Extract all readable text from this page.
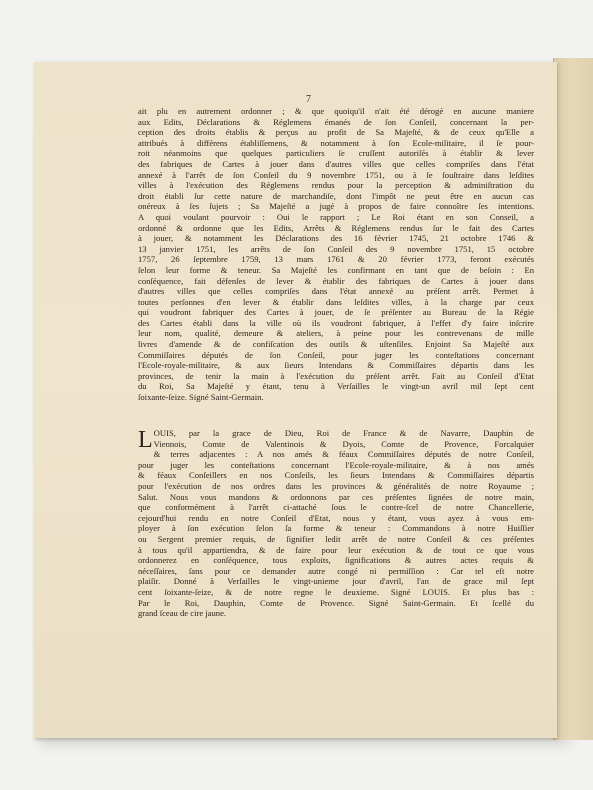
7
ait plu en autrement ordonner ; & que quoiqu'il n'ait été dérogé en aucune maniere
aux Edits, Déclarations & Réglemens émanés de ſon Conſeil, concernant la per-
ception des droits établis & perçus au profit de Sa Majeſté, & de ceux qu'Elle a
attribués à différens établiſſemens, & notamment à ſon Ecole-militaire, il ſe pour-
roit néanmoins que quelques particuliers ſe cruſſent autoriſés à établir & lever
des fabriques de Cartes à jouer dans d'autres villes que celles compriſes dans l'état
annexé à l'arrêt de ſon Conſeil du 9 novembre 1751, ou à ſe ſouſtraire dans leſdites
villes à l'exécution des Réglemens rendus pour la perception & adminiſtration du
droit établi ſur cette nature de marchandiſe, dont l'impôt ne peut être en aucun cas
onéreux à ſes ſujets ; Sa Majeſté a jugé à propos de faire connoître ſes intentions.
A quoi voulant pourvoir : Oui le rapport ; Le Roi étant en son Conseil, a
ordonné & ordonne que les Edits, Arrêts & Réglemens rendus ſur le fait des Cartes
à jouer, & notamment les Déclarations des 16 février 1745, 21 octobre 1746 &
13 janvier 1751, les arrêts de ſon Conſeil des 9 novembre 1751, 15 octobre
1757, 26 ſeptembre 1759, 13 mars 1761 & 20 février 1773, feront exécutés
ſelon leur forme & teneur. Sa Majeſté les confirmant en tant que de beſoin : En
conſéquence, fait défenſes de lever & établir des fabriques de Cartes à jouer dans
d'autres villes que celles compriſes dans l'état annexé au préſent arrêt. Permet à
toutes perſonnes d'en lever & établir dans leſdites villes, à la charge par ceux
qui voudront fabriquer des Cartes à jouer, de ſe préſenter au Bureau de la Régie
des Cartes établi dans la ville où ils voudront fabriquer, à l'effet d'y faire inſcrire
leur nom, qualité, demeure & ateliers, à peine pour les contrevenans de mille
livres d'amende & de confiſcation des outils & uſtenſiles. Enjoint Sa Majeſté aux
Commiſſaires députés de ſon Conſeil, pour juger les conteſtations concernant
l'Ecole-royale-militaire, & aux ſieurs Intendans & Commiſſaires départis dans les
provinces, de tenir la main à l'exécution du préſent arrêt. Fait au Conſeil d'Etat
du Roi, Sa Majeſté y étant, tenu à Verſailles le vingt-un avril mil ſept cent
ſoixante-ſeize. Signé Saint-Germain.
L OUIS, par la grace de Dieu, Roi de France & de Navarre, Dauphin de
Viennois, Comte de Valentinois & Dyois, Comte de Provence, Forcalquier
& terres adjacentes : A nos amés & féaux Commiſſaires députés de notre Conſeil,
pour juger les conteſtations concernant l'Ecole-royale-militaire, & à nos amés
& féaux Conſeillers en nos Conſeils, les ſieurs Intendans & Commiſſaires départis
pour l'exécution de nos ordres dans les provinces & généralités de notre Royaume ;
Salut. Nous vous mandons & ordonnons par ces préſentes ſignées de notre main,
que conformément à l'arrêt ci-attaché ſous le contre-ſcel de notre Chancellerie,
cejourd'hui rendu en notre Conſeil d'Etat, nous y étant, vous ayez à vous em-
ployer à ſon exécution ſelon ſa forme & teneur : Commandons à notre Huiſſier
ou Sergent premier requis, de ſignifier ledit arrêt de notre Conſeil & ces préſentes
à tous qu'il appartiendra, & de faire pour leur exécution & de tout ce que vous
ordonnerez en conſéquence, tous exploits, ſignifications & autres actes requis &
néceſſaires, ſans pour ce demander autre congé ni permiſſion : Car tel eſt notre
plaiſir. Donné à Verſailles le vingt-unieme jour d'avril, l'an de grace mil ſept
cent ſoixante-ſeize, & de notre regne le deuxieme. Signé LOUIS. Et plus bas :
Par le Roi, Dauphin, Comte de Provence. Signé Saint-Germain. Et ſcellé du
grand ſceau de cire jaune.
